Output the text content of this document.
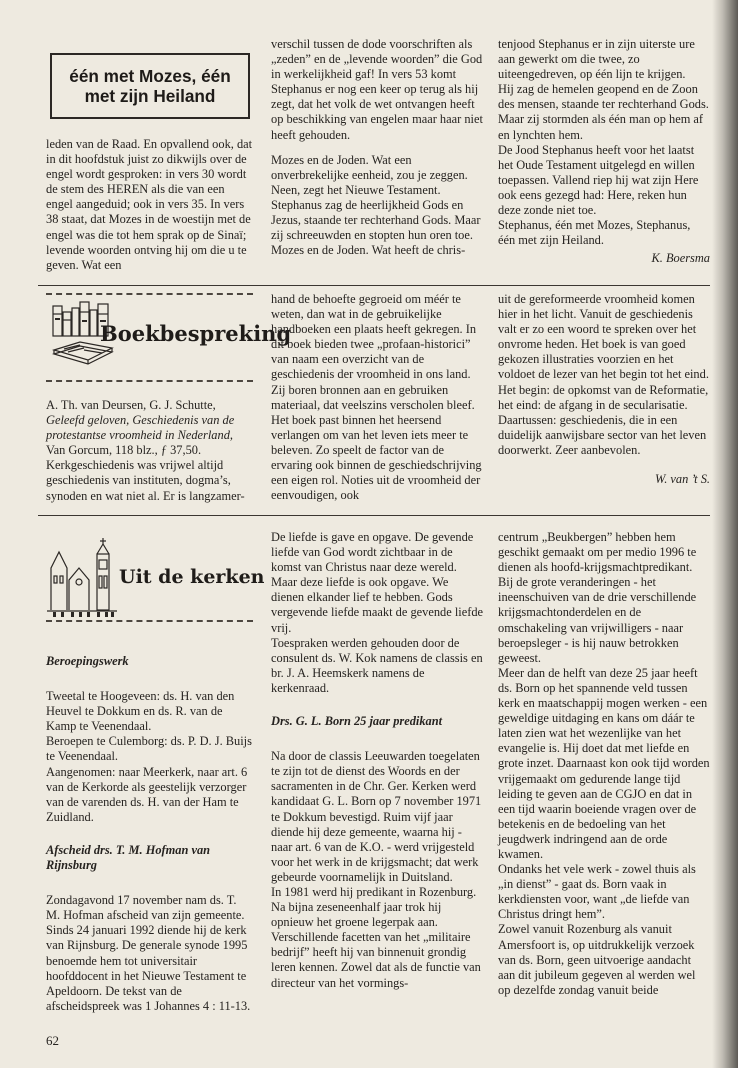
één met Mozes, één met zijn Heiland

leden van de Raad. En opvallend ook, dat in dit hoofdstuk juist zo dikwijls over de engel wordt gesproken: in vers 30 wordt de stem des HEREN als die van een engel aangeduid; ook in vers 35. In vers 38 staat, dat Mozes in de woestijn met de engel was die tot hem sprak op de Sinaï; levende woorden ontving hij om die u te geven. Wat een

verschil tussen de dode voorschriften als „zeden” en de „levende woorden” die God in werkelijkheid gaf! In vers 53 komt Stephanus er nog een keer op terug als hij zegt, dat het volk de wet ontvangen heeft op beschikking van engelen maar haar niet heeft gehouden.

Mozes en de Joden. Wat een onverbrekelijke eenheid, zou je zeggen. Neen, zegt het Nieuwe Testament. Stephanus zag de heerlijkheid Gods en Jezus, staande ter rechterhand Gods. Maar zij schreeuwden en stopten hun oren toe. Mozes en de Joden. Wat heeft de chris-

tenjood Stephanus er in zijn uiterste ure aan gewerkt om die twee, zo uiteengedreven, op één lijn te krijgen.

Hij zag de hemelen geopend en de Zoon des mensen, staande ter rechterhand Gods. Maar zij stormden als één man op hem af en lynchten hem.

De Jood Stephanus heeft voor het laatst het Oude Testament uitgelegd en willen toepassen. Vallend riep hij wat zijn Here ook eens gezegd had: Here, reken hun deze zonde niet toe.

Stephanus, één met Mozes, Stephanus, één met zijn Heiland.

K. Boersma

Boekbespreking

A. Th. van Deursen, G. J. Schutte, Geleefd geloven, Geschiedenis van de protestantse vroomheid in Nederland, Van Gorcum, 118 blz., ƒ 37,50.

Kerkgeschiedenis was vrijwel altijd geschiedenis van instituten, dogma’s, synoden en wat niet al. Er is langzamer-

hand de behoefte gegroeid om méér te weten, dan wat in de gebruikelijke handboeken een plaats heeft gekregen. In dit boek bieden twee „profaan-historici” van naam een overzicht van de geschiedenis der vroomheid in ons land. Zij boren bronnen aan en gebruiken materiaal, dat veelszins verscholen bleef. Het boek past binnen het heersend verlangen om van het leven iets meer te beleven. Zo speelt de factor van de ervaring ook binnen de geschiedschrijving een eigen rol. Noties uit de vroomheid der eenvoudigen, ook

uit de gereformeerde vroomheid komen hier in het licht. Vanuit de geschiedenis valt er zo een woord te spreken over het onvrome heden. Het boek is van goed gekozen illustraties voorzien en het voldoet de lezer van het begin tot het eind. Het begin: de opkomst van de Reformatie, het eind: de afgang in de secularisatie. Daartussen: geschiedenis, die in een duidelijk aanwijsbare sector van het leven doorwerkt. Zeer aanbevolen.

W. van ’t S.

Uit de kerken

Beroepingswerk

Tweetal te Hoogeveen: ds. H. van den Heuvel te Dokkum en ds. R. van de Kamp te Veenendaal.

Beroepen te Culemborg: ds. P. D. J. Buijs te Veenendaal.

Aangenomen: naar Meerkerk, naar art. 6 van de Kerkorde als geestelijk verzorger van de varenden ds. H. van der Ham te Zuidland.

Afscheid drs. T. M. Hofman van Rijnsburg

Zondagavond 17 november nam ds. T. M. Hofman afscheid van zijn gemeente. Sinds 24 januari 1992 diende hij de kerk van Rijnsburg. De generale synode 1995 benoemde hem tot universitair hoofddocent in het Nieuwe Testament te Apeldoorn. De tekst van de afscheidspreek was 1 Johannes 4 : 11-13.

De liefde is gave en opgave. De gevende liefde van God wordt zichtbaar in de komst van Christus naar deze wereld. Maar deze liefde is ook opgave. We dienen elkander lief te hebben. Gods vergevende liefde maakt de gevende liefde vrij.

Toespraken werden gehouden door de consulent ds. W. Kok namens de classis en br. J. A. Heemskerk namens de kerkenraad.

Drs. G. L. Born 25 jaar predikant

Na door de classis Leeuwarden toegelaten te zijn tot de dienst des Woords en der sacramenten in de Chr. Ger. Kerken werd kandidaat G. L. Born op 7 november 1971 te Dokkum bevestigd. Ruim vijf jaar diende hij deze gemeente, waarna hij - naar art. 6 van de K.O. - werd vrijgesteld voor het werk in de krijgsmacht; dat werk gebeurde voornamelijk in Duitsland.

In 1981 werd hij predikant in Rozenburg. Na bijna zeseneenhalf jaar trok hij opnieuw het groene legerpak aan. Verschillende facetten van het „militaire bedrijf” heeft hij van binnenuit grondig leren kennen. Zowel dat als de functie van directeur van het vormings-

centrum „Beukbergen” hebben hem geschikt gemaakt om per medio 1996 te dienen als hoofd-krijgsmachtpredikant. Bij de grote veranderingen - het ineenschuiven van de drie verschillende krijgsmachtonderdelen en de omschakeling van vrijwilligers - naar beroepsleger - is hij nauw betrokken geweest.

Meer dan de helft van deze 25 jaar heeft ds. Born op het spannende veld tussen kerk en maatschappij mogen werken - een geweldige uitdaging en kans om dáár te laten zien wat het wezenlijke van het evangelie is. Hij doet dat met liefde en grote inzet. Daarnaast kon ook tijd worden vrijgemaakt om gedurende lange tijd leiding te geven aan de CGJO en dat in een tijd waarin boeiende vragen over de betekenis en de bedoeling van het jeugdwerk indringend aan de orde kwamen.

Ondanks het vele werk - zowel thuis als „in dienst” - gaat ds. Born vaak in kerkdiensten voor, want „de liefde van Christus dringt hem”.

Zowel vanuit Rozenburg als vanuit Amersfoort is, op uitdrukkelijk verzoek van ds. Born, geen uitvoerige aandacht aan dit jubileum gegeven al werden wel op dezelfde zondag vanuit beide

62
